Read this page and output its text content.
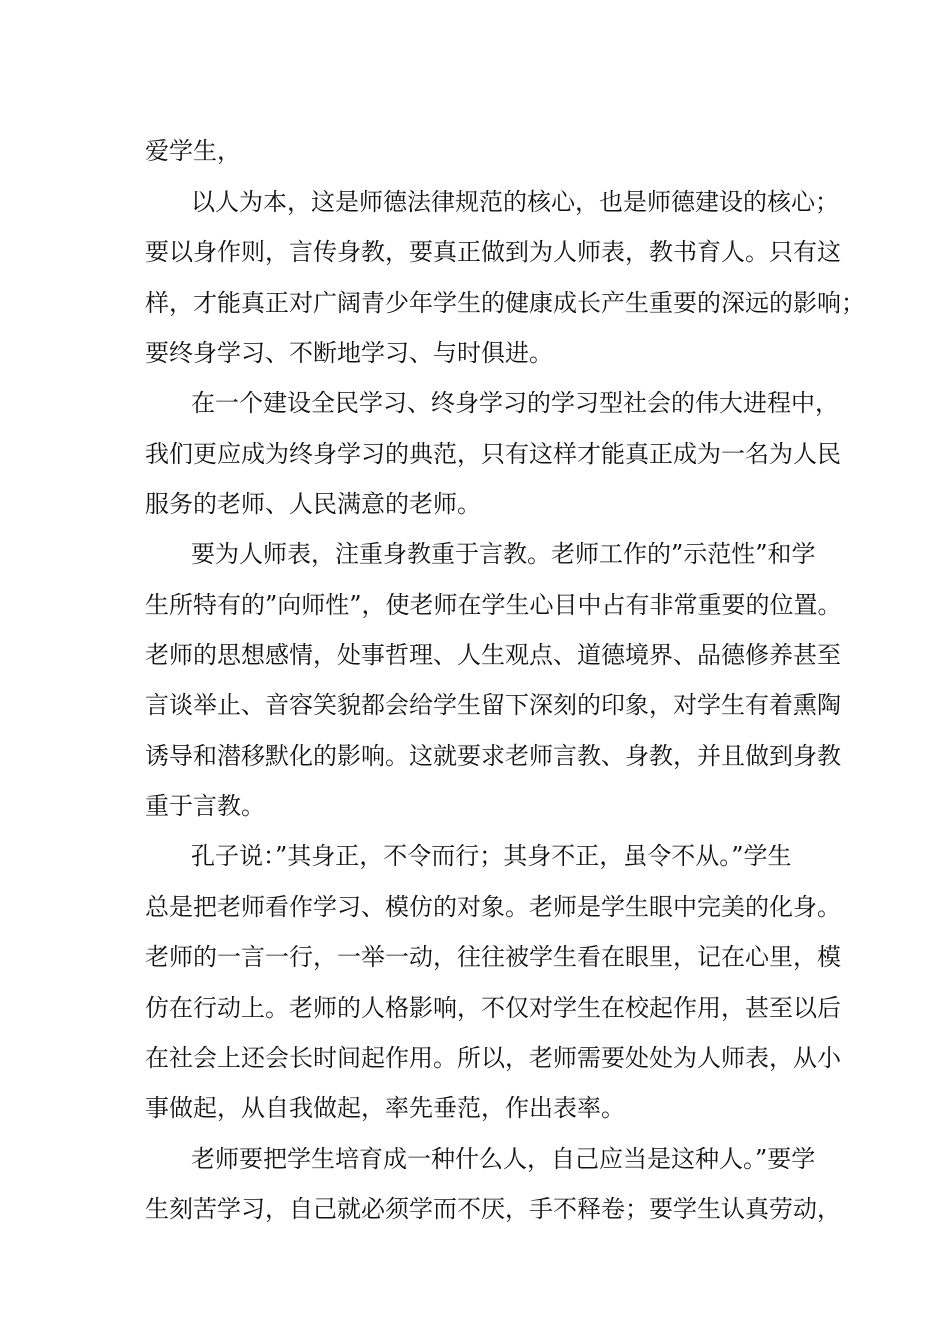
爱学生，
以人为本，这是师德法律规范的核心，也是师德建设的核心；
要以身作则，言传身教，要真正做到为人师表，教书育人。只有这
样，才能真正对广阔青少年学生的健康成长产生重要的深远的影响；
要终身学习、不断地学习、与时俱进。
在一个建设全民学习、终身学习的学习型社会的伟大进程中，
我们更应成为终身学习的典范，只有这样才能真正成为一名为人民
服务的老师、人民满意的老师。
要为人师表，注重身教重于言教。老师工作的”示范性”和学
生所特有的”向师性”，使老师在学生心目中占有非常重要的位置。
老师的思想感情，处事哲理、人生观点、道德境界、品德修养甚至
言谈举止、音容笑貌都会给学生留下深刻的印象，对学生有着熏陶
诱导和潜移默化的影响。这就要求老师言教、身教，并且做到身教
重于言教。
孔子说：”其身正，不令而行；其身不正，虽令不从。”学生
总是把老师看作学习、模仿的对象。老师是学生眼中完美的化身。
老师的一言一行，一举一动，往往被学生看在眼里，记在心里，模
仿在行动上。老师的人格影响，不仅对学生在校起作用，甚至以后
在社会上还会长时间起作用。所以，老师需要处处为人师表，从小
事做起，从自我做起，率先垂范，作出表率。
老师要把学生培育成一种什么人，自己应当是这种人。”要学
生刻苦学习，自己就必须学而不厌，手不释卷；要学生认真劳动，
